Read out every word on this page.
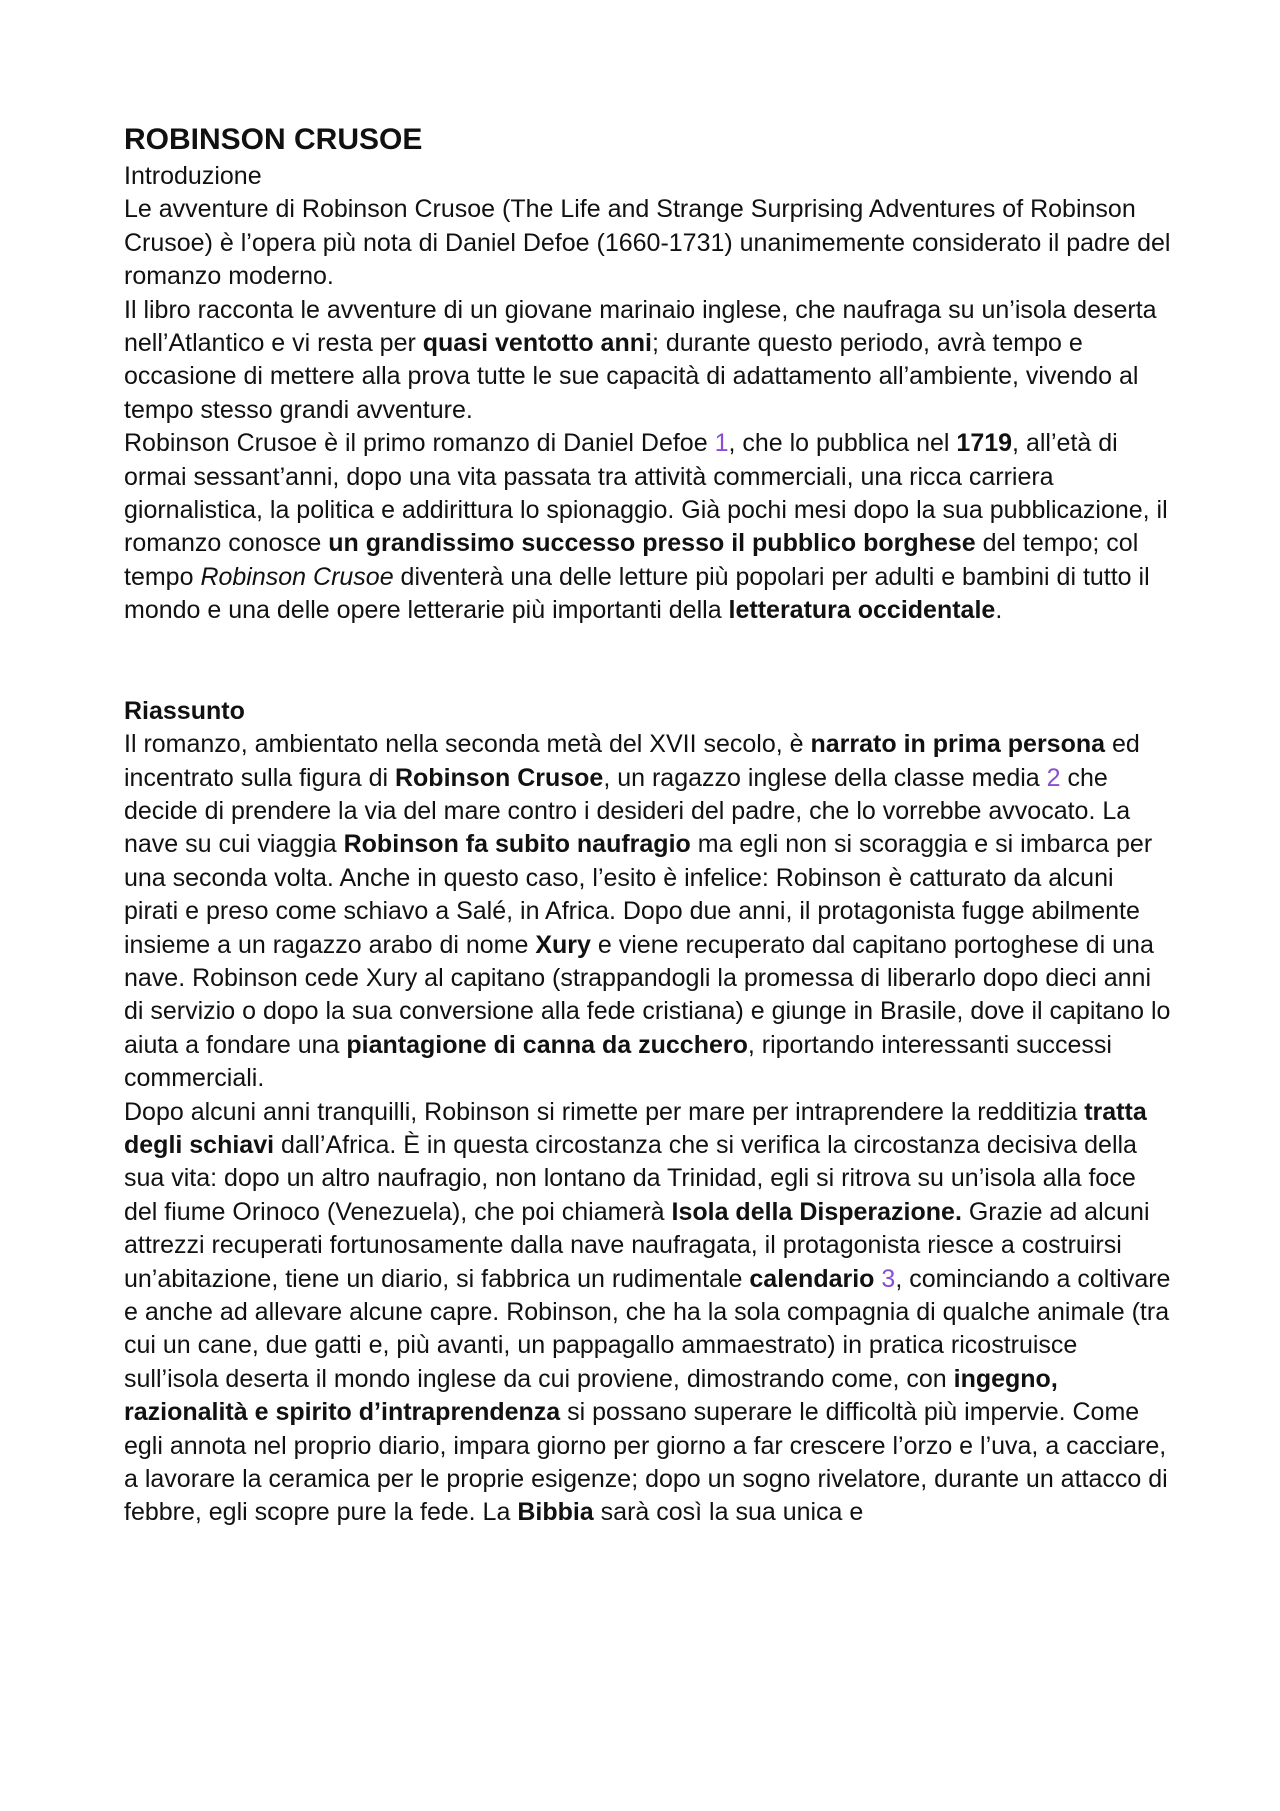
ROBINSON CRUSOE

Introduzione

Le avventure di Robinson Crusoe (The Life and Strange Surprising Adventures of Robinson Crusoe) è l’opera più nota di Daniel Defoe (1660-1731) unanimemente considerato il padre del romanzo moderno.

Il libro racconta le avventure di un giovane marinaio inglese, che naufraga su un’isola deserta nell’Atlantico e vi resta per quasi ventotto anni; durante questo periodo, avrà tempo e occasione di mettere alla prova tutte le sue capacità di adattamento all’ambiente, vivendo al tempo stesso grandi avventure.

Robinson Crusoe è il primo romanzo di Daniel Defoe 1, che lo pubblica nel 1719, all’età di ormai sessant’anni, dopo una vita passata tra attività commerciali, una ricca carriera giornalistica, la politica e addirittura lo spionaggio. Già pochi mesi dopo la sua pubblicazione, il romanzo conosce un grandissimo successo presso il pubblico borghese del tempo; col tempo Robinson Crusoe diventerà una delle letture più popolari per adulti e bambini di tutto il mondo e una delle opere letterarie più importanti della letteratura occidentale.

Riassunto

Il romanzo, ambientato nella seconda metà del XVII secolo, è narrato in prima persona ed incentrato sulla figura di Robinson Crusoe, un ragazzo inglese della classe media 2 che decide di prendere la via del mare contro i desideri del padre, che lo vorrebbe avvocato. La nave su cui viaggia Robinson fa subito naufragio ma egli non si scoraggia e si imbarca per una seconda volta. Anche in questo caso, l’esito è infelice: Robinson è catturato da alcuni pirati e preso come schiavo a Salé, in Africa. Dopo due anni, il protagonista fugge abilmente insieme a un ragazzo arabo di nome Xury e viene recuperato dal capitano portoghese di una nave. Robinson cede Xury al capitano (strappandogli la promessa di liberarlo dopo dieci anni di servizio o dopo la sua conversione alla fede cristiana) e giunge in Brasile, dove il capitano lo aiuta a fondare una piantagione di canna da zucchero, riportando interessanti successi commerciali.

Dopo alcuni anni tranquilli, Robinson si rimette per mare per intraprendere la redditizia tratta degli schiavi dall’Africa. È in questa circostanza che si verifica la circostanza decisiva della sua vita: dopo un altro naufragio, non lontano da Trinidad, egli si ritrova su un’isola alla foce del fiume Orinoco (Venezuela), che poi chiamerà Isola della Disperazione. Grazie ad alcuni attrezzi recuperati fortunosamente dalla nave naufragata, il protagonista riesce a costruirsi un’abitazione, tiene un diario, si fabbrica un rudimentale calendario 3, cominciando a coltivare e anche ad allevare alcune capre. Robinson, che ha la sola compagnia di qualche animale (tra cui un cane, due gatti e, più avanti, un pappagallo ammaestrato) in pratica ricostruisce sull’isola deserta il mondo inglese da cui proviene, dimostrando come, con ingegno, razionalità e spirito d’intraprendenza si possano superare le difficoltà più impervie. Come egli annota nel proprio diario, impara giorno per giorno a far crescere l’orzo e l’uva, a cacciare, a lavorare la ceramica per le proprie esigenze; dopo un sogno rivelatore, durante un attacco di febbre, egli scopre pure la fede. La Bibbia sarà così la sua unica e
